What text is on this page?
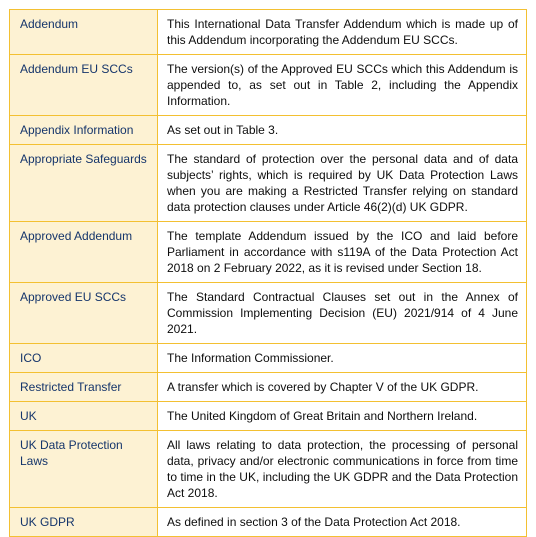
Addendum	This International Data Transfer Addendum which is made up of this Addendum incorporating the Addendum EU SCCs.
Addendum EU SCCs	The version(s) of the Approved EU SCCs which this Addendum is appended to, as set out in Table 2, including the Appendix Information.
Appendix Information	As set out in Table 3.
Appropriate Safeguards	The standard of protection over the personal data and of data subjects’ rights, which is required by UK Data Protection Laws when you are making a Restricted Transfer relying on standard data protection clauses under Article 46(2)(d) UK GDPR.
Approved Addendum	The template Addendum issued by the ICO and laid before Parliament in accordance with s119A of the Data Protection Act 2018 on 2 February 2022, as it is revised under Section 18.
Approved EU SCCs	The Standard Contractual Clauses set out in the Annex of Commission Implementing Decision (EU) 2021/914 of 4 June 2021.
ICO	The Information Commissioner.
Restricted Transfer	A transfer which is covered by Chapter V of the UK GDPR.
UK	The United Kingdom of Great Britain and Northern Ireland.
UK Data Protection Laws	All laws relating to data protection, the processing of personal data, privacy and/or electronic communications in force from time to time in the UK, including the UK GDPR and the Data Protection Act 2018.
UK GDPR	As defined in section 3 of the Data Protection Act 2018.
